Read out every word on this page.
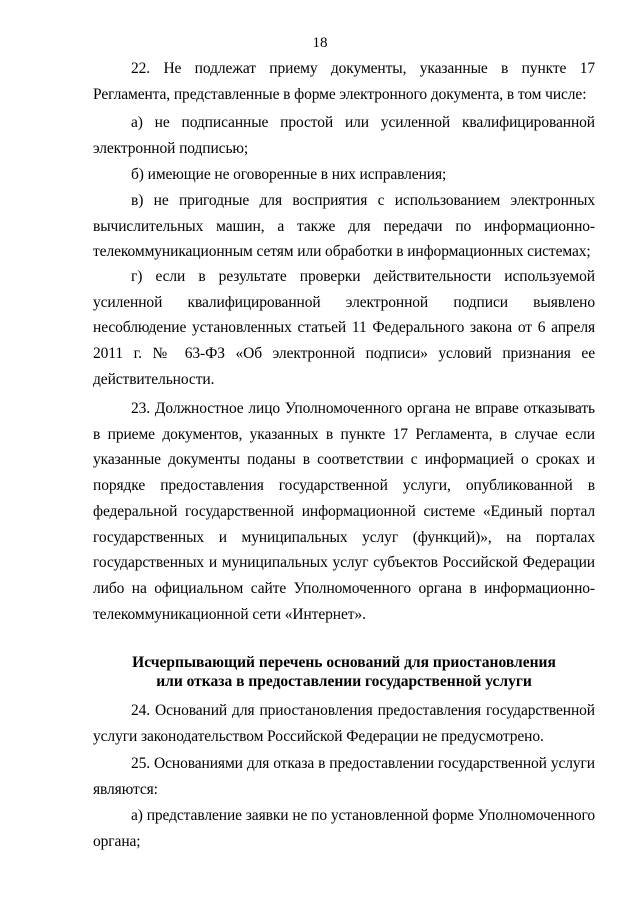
18

22. Не подлежат приему документы, указанные в пункте 17 Регламента, представленные в форме электронного документа, в том числе:

а) не подписанные простой или усиленной квалифицированной электронной подписью;

б) имеющие не оговоренные в них исправления;

в) не пригодные для восприятия с использованием электронных вычислительных машин, а также для передачи по информационно-телекоммуникационным сетям или обработки в информационных системах;

г) если в результате проверки действительности используемой усиленной квалифицированной электронной подписи выявлено несоблюдение установленных статьей 11 Федерального закона от 6 апреля 2011 г. № 63-ФЗ «Об электронной подписи» условий признания ее действительности.

23. Должностное лицо Уполномоченного органа не вправе отказывать в приеме документов, указанных в пункте 17 Регламента, в случае если указанные документы поданы в соответствии с информацией о сроках и порядке предоставления государственной услуги, опубликованной в федеральной государственной информационной системе «Единый портал государственных и муниципальных услуг (функций)», на порталах государственных и муниципальных услуг субъектов Российской Федерации либо на официальном сайте Уполномоченного органа в информационно-телекоммуникационной сети «Интернет».

Исчерпывающий перечень оснований для приостановления
или отказа в предоставлении государственной услуги

24. Оснований для приостановления предоставления государственной услуги законодательством Российской Федерации не предусмотрено.

25. Основаниями для отказа в предоставлении государственной услуги являются:

а) представление заявки не по установленной форме Уполномоченного органа;
